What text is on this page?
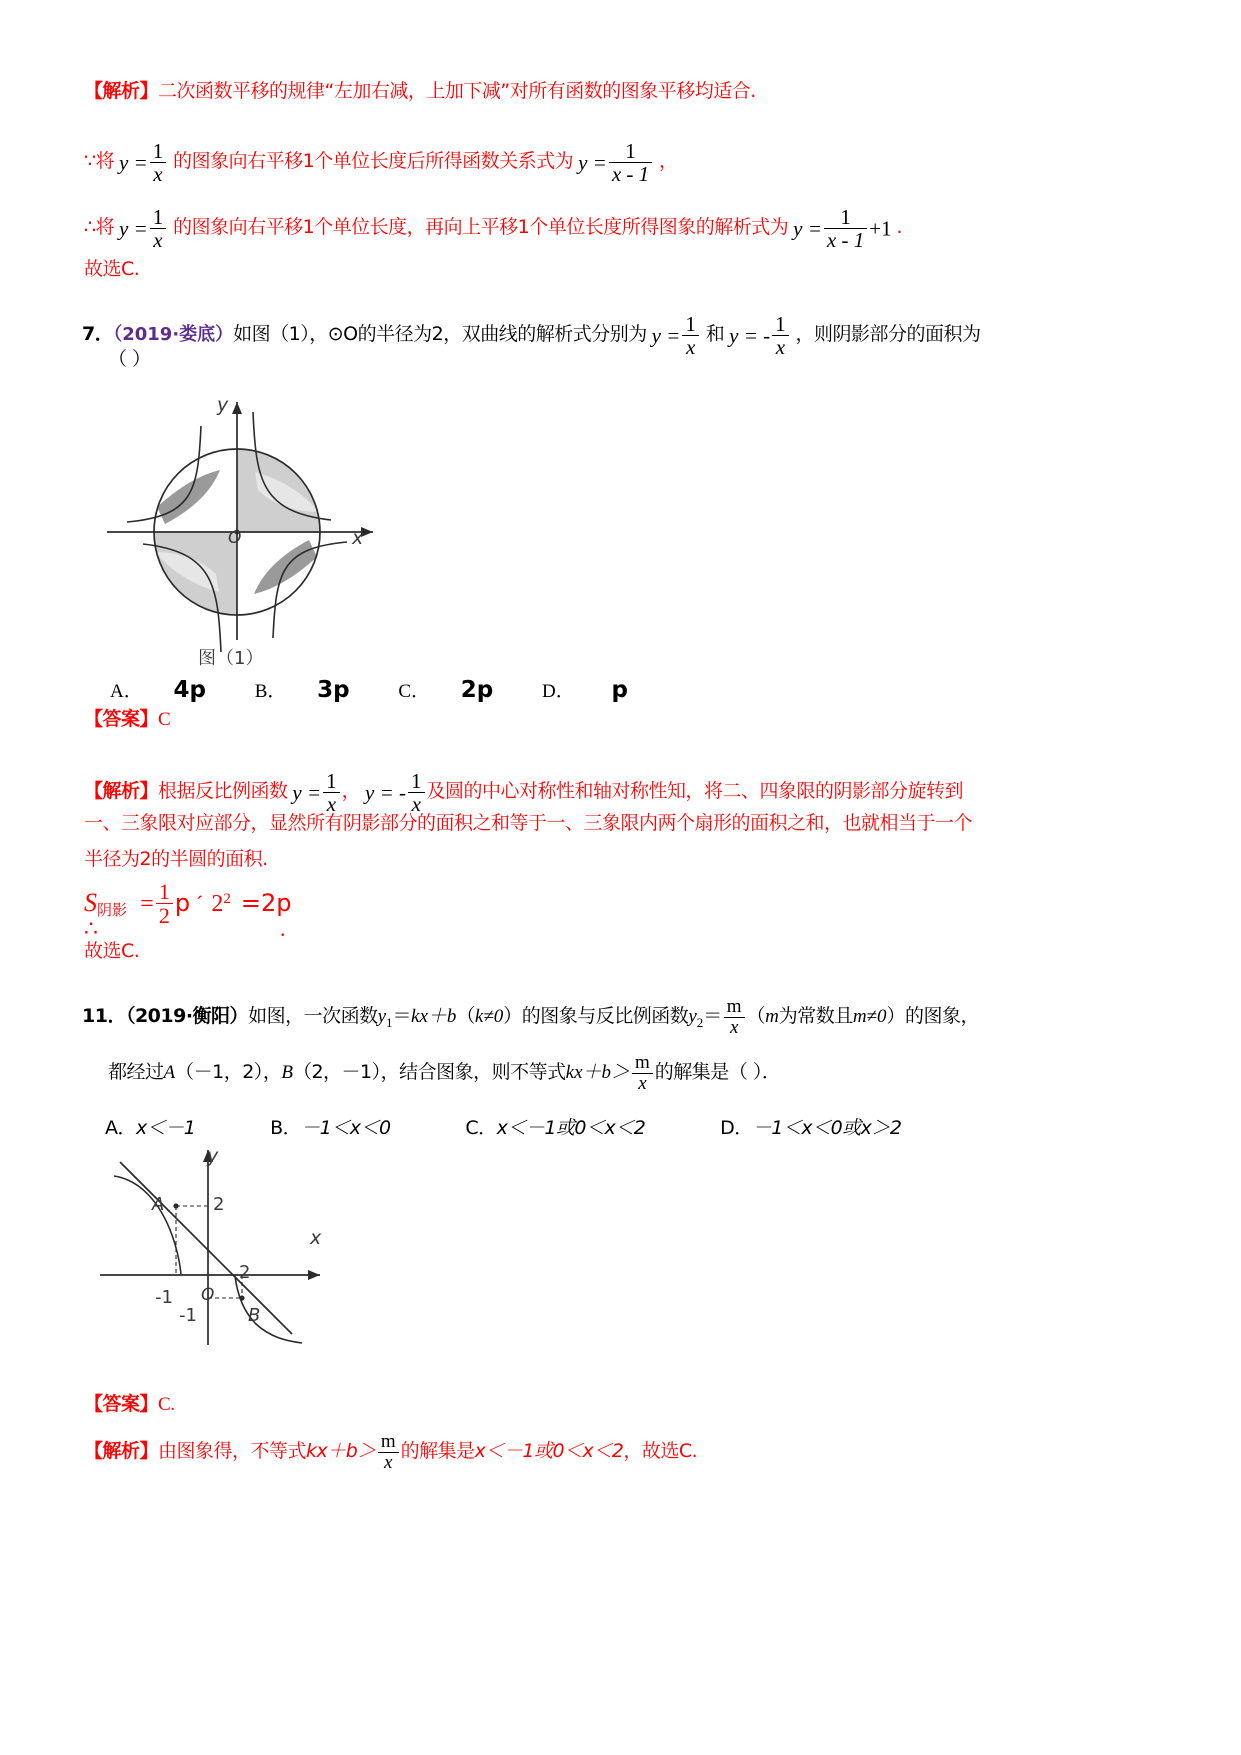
【解析】二次函数平移的规律“左加右减，上加下减”对所有函数的图象平移均适合.
∵将 $y = \frac{1}{x}$ 的图象向右平移1个单位长度后所得函数关系式为 $y = \frac{1}{x - 1}$ ，
∴将 $y = \frac{1}{x}$ 的图象向右平移1个单位长度，再向上平移1个单位长度所得图象的解析式为 $y = \frac{1}{x - 1} +1$ .
故选C.
7．（2019·娄底）如图（1），⊙O的半径为2，双曲线的解析式分别为 $y = \frac{1}{x}$ 和 y = - $\frac{1}{x}$ ，则阴影部分的面积为
（ ）
y
x
O
图（1）
A． 4p	B． 3p	C． 2p	D． p
【答案】C
【解析】根据反比例函数 $y = \frac{1}{x}$ ， y = - $\frac{1}{x}$ 及圆的中心对称性和轴对称性知，将二、四象限的阴影部分旋转到
一、三象限对应部分，显然所有阴影部分的面积之和等于一、三象限内两个扇形的面积之和，也就相当于一个
半径为2的半圆的面积.
S阴影 = $\frac{1}{2}$ p ´ $2^2 =2p$
∴	.
故选C.
11．（2019·衡阳）如图，一次函数$y_1=kx+b(k\ne 0)$的图象与反比例函数$y_2= \frac{m}{x} (m$为常数且m≠0）的图象，
都经过A（－1，2），B（2，－1），结合图象，则不等式$kx+b> \frac{m}{x}$ 的解集是（ ）．
A．x＜－1	B．－1＜x＜0	C．x＜－1或0＜x＜2	D．－1＜x＜0或x＞2
y
x
O
A
B
2
2
-1
-1
【答案】C.
【解析】由图象得，不等式$kx+b> \frac{m}{x}$ 的解集是x＜－1或0＜x＜2，故选C.
